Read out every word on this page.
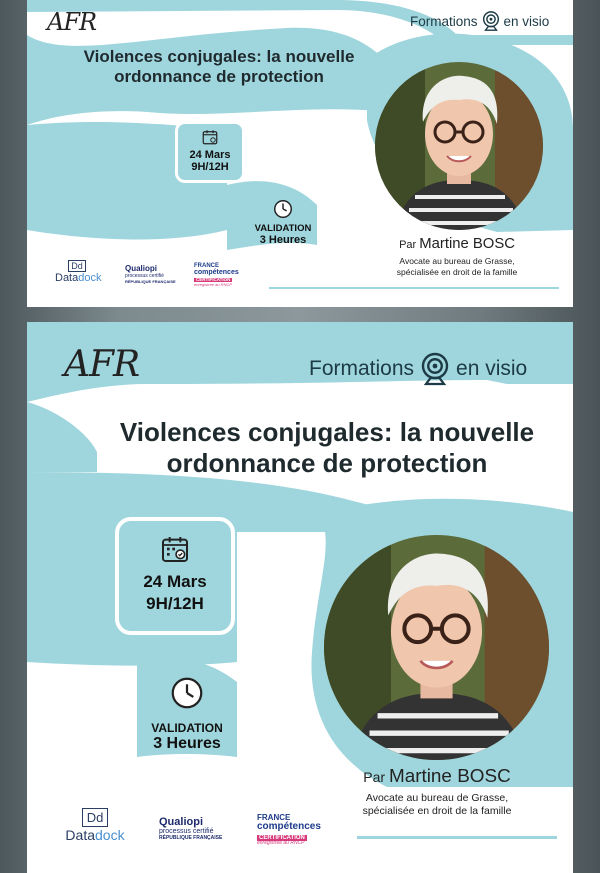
AFR	Formations en visio
Violences conjugales: la nouvelle
ordonnance de protection
24 Mars
9H/12H
VALIDATION
3 Heures	Par Martine BOSC
Avocate au bureau de Grasse,
spécialisée en droit de la famille
Dd
Datadock
Qualiopi
processus certifié
RÉPUBLIQUE FRANÇAISE
FRANCE
compétences
CERTIFICATION
enregistrée au RNCP
AFR	Formations en visio
Violences conjugales: la nouvelle
ordonnance de protection
24 Mars
9H/12H
VALIDATION
3 Heures
Par Martine BOSC
Avocate au bureau de Grasse,
spécialisée en droit de la famille
Dd
Datadock
Qualiopi
processus certifié
RÉPUBLIQUE FRANÇAISE
FRANCE
compétences
CERTIFICATION
enregistrée au RNCP
